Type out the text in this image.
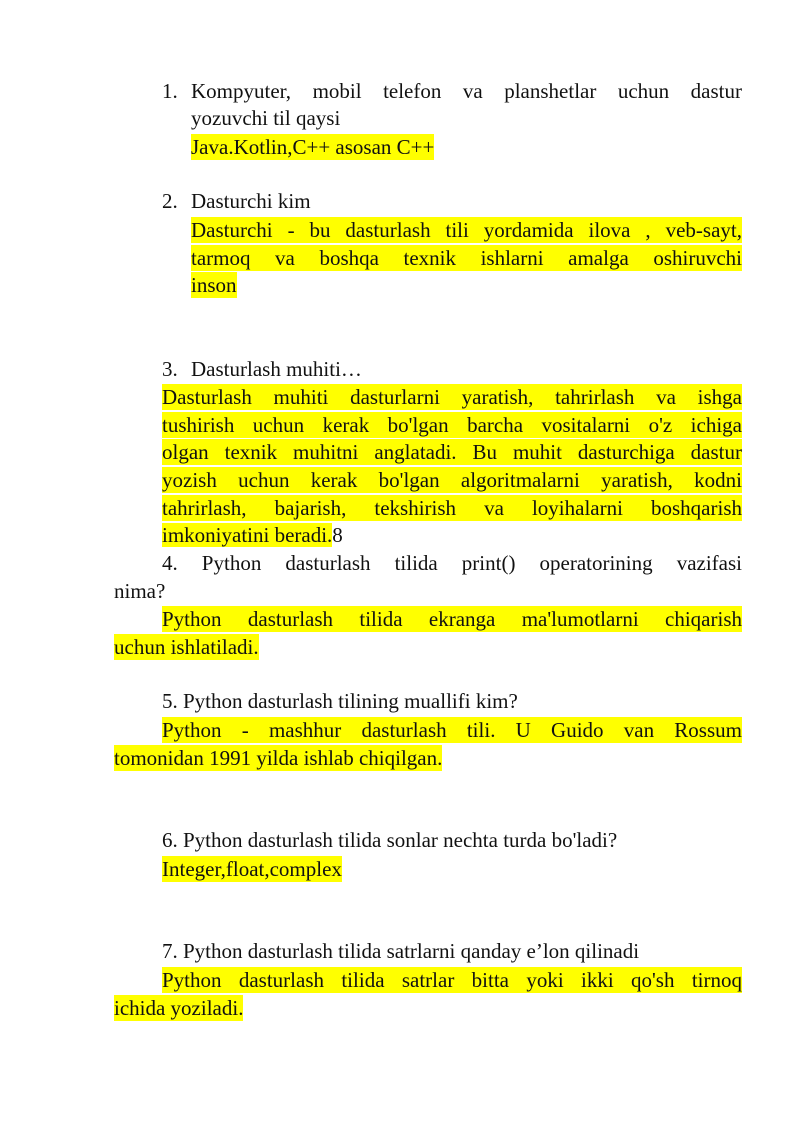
1. Kompyuter, mobil telefon va planshetlar uchun dastur
yozuvchi til qaysi
Java.Kotlin,C++ asosan C++
2. Dasturchi kim
Dasturchi - bu dasturlash tili yordamida ilova , veb-sayt,
tarmoq va boshqa texnik ishlarni amalga oshiruvchi
inson
3. Dasturlash muhiti…
Dasturlash muhiti dasturlarni yaratish, tahrirlash va ishga
tushirish uchun kerak bo'lgan barcha vositalarni o'z ichiga
olgan texnik muhitni anglatadi. Bu muhit dasturchiga dastur
yozish uchun kerak bo'lgan algoritmalarni yaratish, kodni
tahrirlash, bajarish, tekshirish va loyihalarni boshqarish
imkoniyatini beradi.8
4. Python dasturlash tilida print() operatorining vazifasi
nima?
Python dasturlash tilida ekranga ma'lumotlarni chiqarish
uchun ishlatiladi.
5. Python dasturlash tilining muallifi kim?
Python - mashhur dasturlash tili. U Guido van Rossum
tomonidan 1991 yilda ishlab chiqilgan.
6. Python dasturlash tilida sonlar nechta turda bo'ladi?
Integer,float,complex
7. Python dasturlash tilida satrlarni qanday e’lon qilinadi
Python dasturlash tilida satrlar bitta yoki ikki qo'sh tirnoq
ichida yoziladi.
